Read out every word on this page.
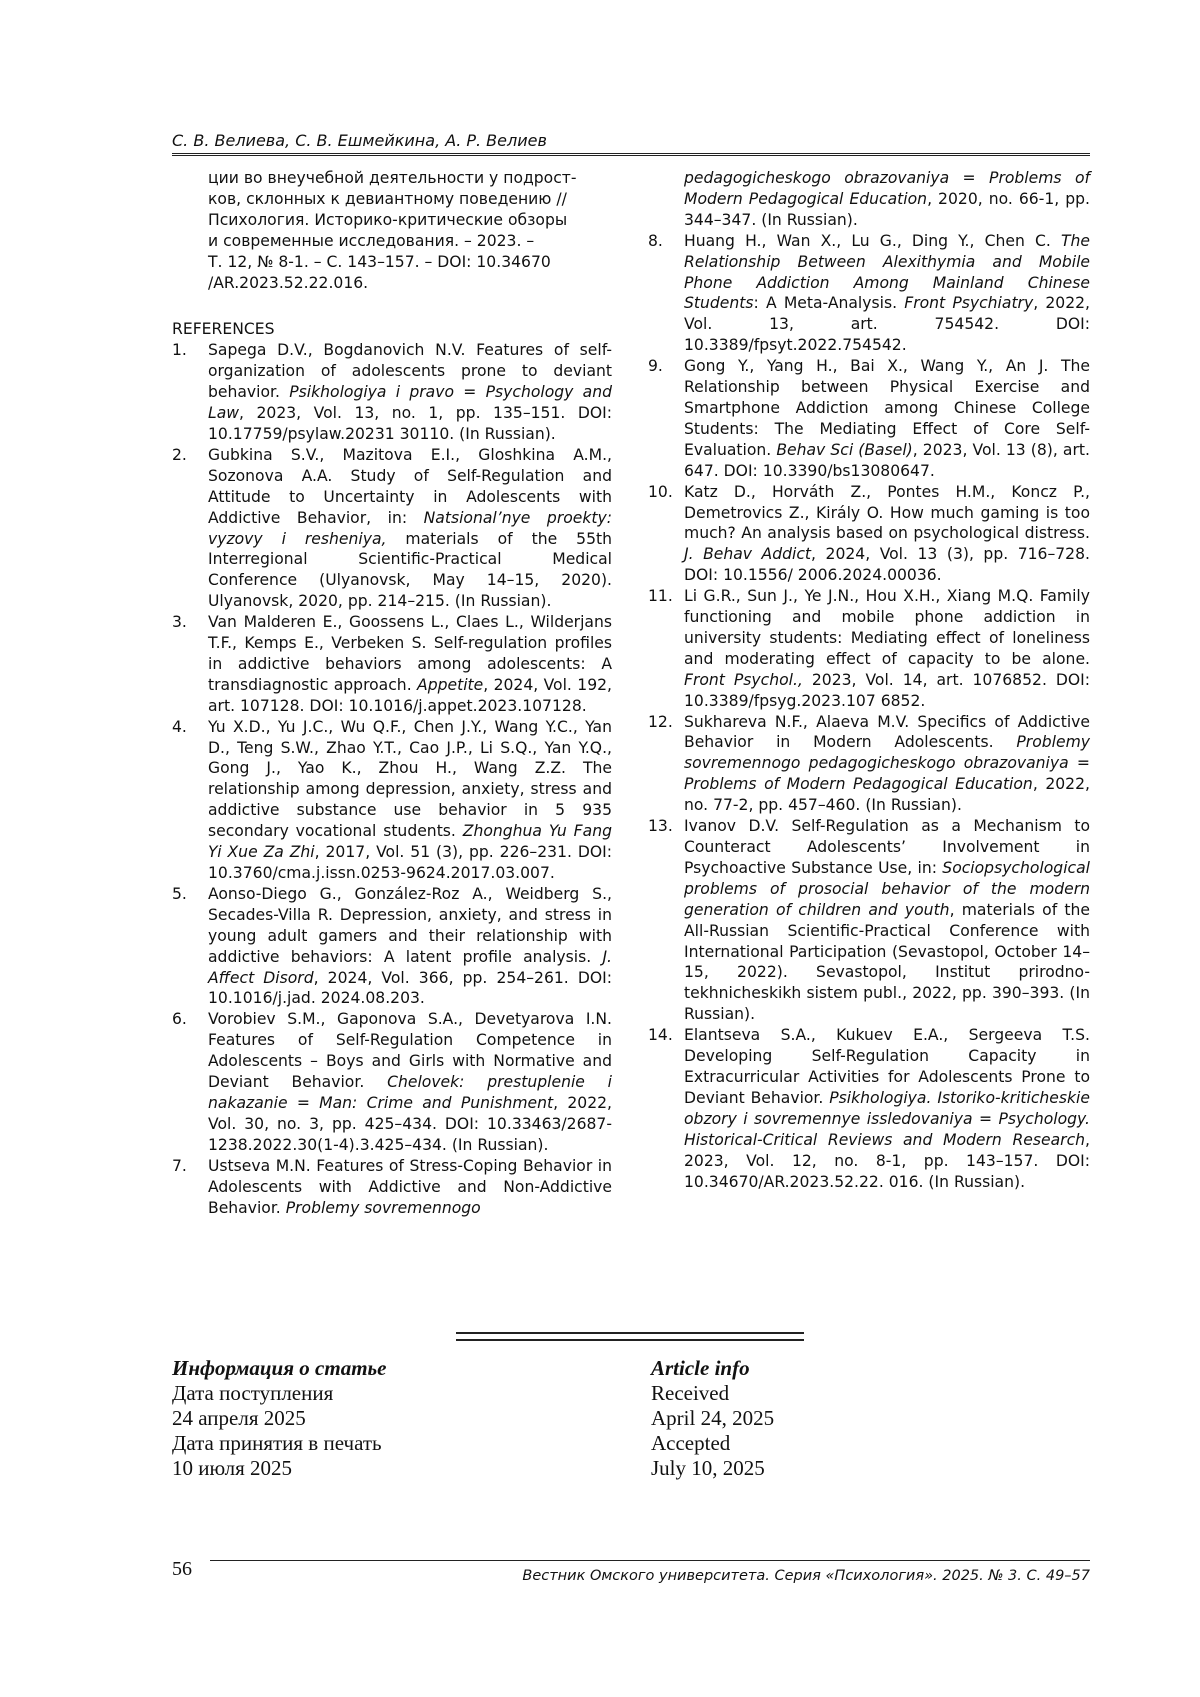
С. В. Велиева, С. В. Ешмейкина, А. Р. Велиев
ции во внеучебной деятельности у подрост-
ков, склонных к девиантному поведению //
Психология. Историко-критические обзоры
и современные исследования. – 2023. –
Т. 12, № 8-1. – С. 143–157. – DOI: 10.34670
/AR.2023.52.22.016.
REFERENCES
1. Sapega D.V., Bogdanovich N.V. Features of self-organization of adolescents prone to deviant behavior. Psikhologiya i pravo = Psychology and Law, 2023, Vol. 13, no. 1, pp. 135–151. DOI: 10.17759/psylaw.20231 30110. (In Russian).
2. Gubkina S.V., Mazitova E.I., Gloshkina A.M., Sozonova A.A. Study of Self-Regulation and Attitude to Uncertainty in Adolescents with Addictive Behavior, in: Natsional’nye proekty: vyzovy i resheniya, materials of the 55th Interregional Scientific-Practical Medical Conference (Ulyanovsk, May 14–15, 2020). Ulyanovsk, 2020, pp. 214–215. (In Russian).
3. Van Malderen E., Goossens L., Claes L., Wilderjans T.F., Kemps E., Verbeken S. Self-regulation profiles in addictive behaviors among adolescents: A transdiagnostic approach. Appetite, 2024, Vol. 192, art. 107128. DOI: 10.1016/j.appet.2023.107128.
4. Yu X.D., Yu J.C., Wu Q.F., Chen J.Y., Wang Y.C., Yan D., Teng S.W., Zhao Y.T., Cao J.P., Li S.Q., Yan Y.Q., Gong J., Yao K., Zhou H., Wang Z.Z. The relationship among depression, anxiety, stress and addictive substance use behavior in 5 935 secondary vocational students. Zhonghua Yu Fang Yi Xue Za Zhi, 2017, Vol. 51 (3), pp. 226–231. DOI: 10.3760/cma.j.issn.0253-9624.2017.03.007.
5. Aonso-Diego G., González-Roz A., Weidberg S., Secades-Villa R. Depression, anxiety, and stress in young adult gamers and their relationship with addictive behaviors: A latent profile analysis. J. Affect Disord, 2024, Vol. 366, pp. 254–261. DOI: 10.1016/j.jad. 2024.08.203.
6. Vorobiev S.M., Gaponova S.A., Devetyarova I.N. Features of Self-Regulation Competence in Adolescents – Boys and Girls with Normative and Deviant Behavior. Chelovek: prestuplenie i nakazanie = Man: Crime and Punishment, 2022, Vol. 30, no. 3, pp. 425–434. DOI: 10.33463/2687-1238.2022.30(1-4).3.425–434. (In Russian).
7. Ustseva M.N. Features of Stress-Coping Behavior in Adolescents with Addictive and Non-Addictive Behavior. Problemy sovremennogo
pedagogicheskogo obrazovaniya = Problems of Modern Pedagogical Education, 2020, no. 66-1, pp. 344–347. (In Russian).
8. Huang H., Wan X., Lu G., Ding Y., Chen C. The Relationship Between Alexithymia and Mobile Phone Addiction Among Mainland Chinese Students: A Meta-Analysis. Front Psychiatry, 2022, Vol. 13, art. 754542. DOI: 10.3389/fpsyt.2022.754542.
9. Gong Y., Yang H., Bai X., Wang Y., An J. The Relationship between Physical Exercise and Smartphone Addiction among Chinese College Students: The Mediating Effect of Core Self-Evaluation. Behav Sci (Basel), 2023, Vol. 13 (8), art. 647. DOI: 10.3390/bs13080647.
10. Katz D., Horváth Z., Pontes H.M., Koncz P., Demetrovics Z., Király O. How much gaming is too much? An analysis based on psychological distress. J. Behav Addict, 2024, Vol. 13 (3), pp. 716–728. DOI: 10.1556/ 2006.2024.00036.
11. Li G.R., Sun J., Ye J.N., Hou X.H., Xiang M.Q. Family functioning and mobile phone addiction in university students: Mediating effect of loneliness and moderating effect of capacity to be alone. Front Psychol., 2023, Vol. 14, art. 1076852. DOI: 10.3389/fpsyg.2023.107 6852.
12. Sukhareva N.F., Alaeva M.V. Specifics of Addictive Behavior in Modern Adolescents. Problemy sovremennogo pedagogicheskogo obrazovaniya = Problems of Modern Pedagogical Education, 2022, no. 77-2, pp. 457–460. (In Russian).
13. Ivanov D.V. Self-Regulation as a Mechanism to Counteract Adolescents’ Involvement in Psychoactive Substance Use, in: Sociopsychological problems of prosocial behavior of the modern generation of children and youth, materials of the All-Russian Scientific-Practical Conference with International Participation (Sevastopol, October 14–15, 2022). Sevastopol, Institut prirodno-tekhnicheskikh sistem publ., 2022, pp. 390–393. (In Russian).
14. Elantseva S.A., Kukuev E.A., Sergeeva T.S. Developing Self-Regulation Capacity in Extracurricular Activities for Adolescents Prone to Deviant Behavior. Psikhologiya. Istoriko-kriticheskie obzory i sovremennye issledovaniya = Psychology. Historical-Critical Reviews and Modern Research, 2023, Vol. 12, no. 8-1, pp. 143–157. DOI: 10.34670/AR.2023.52.22. 016. (In Russian).
Информация о статье
Дата поступления
24 апреля 2025
Дата принятия в печать
10 июля 2025
Article info
Received
April 24, 2025
Accepted
July 10, 2025
56	Вестник Омского университета. Серия «Психология». 2025. № 3. С. 49–57
